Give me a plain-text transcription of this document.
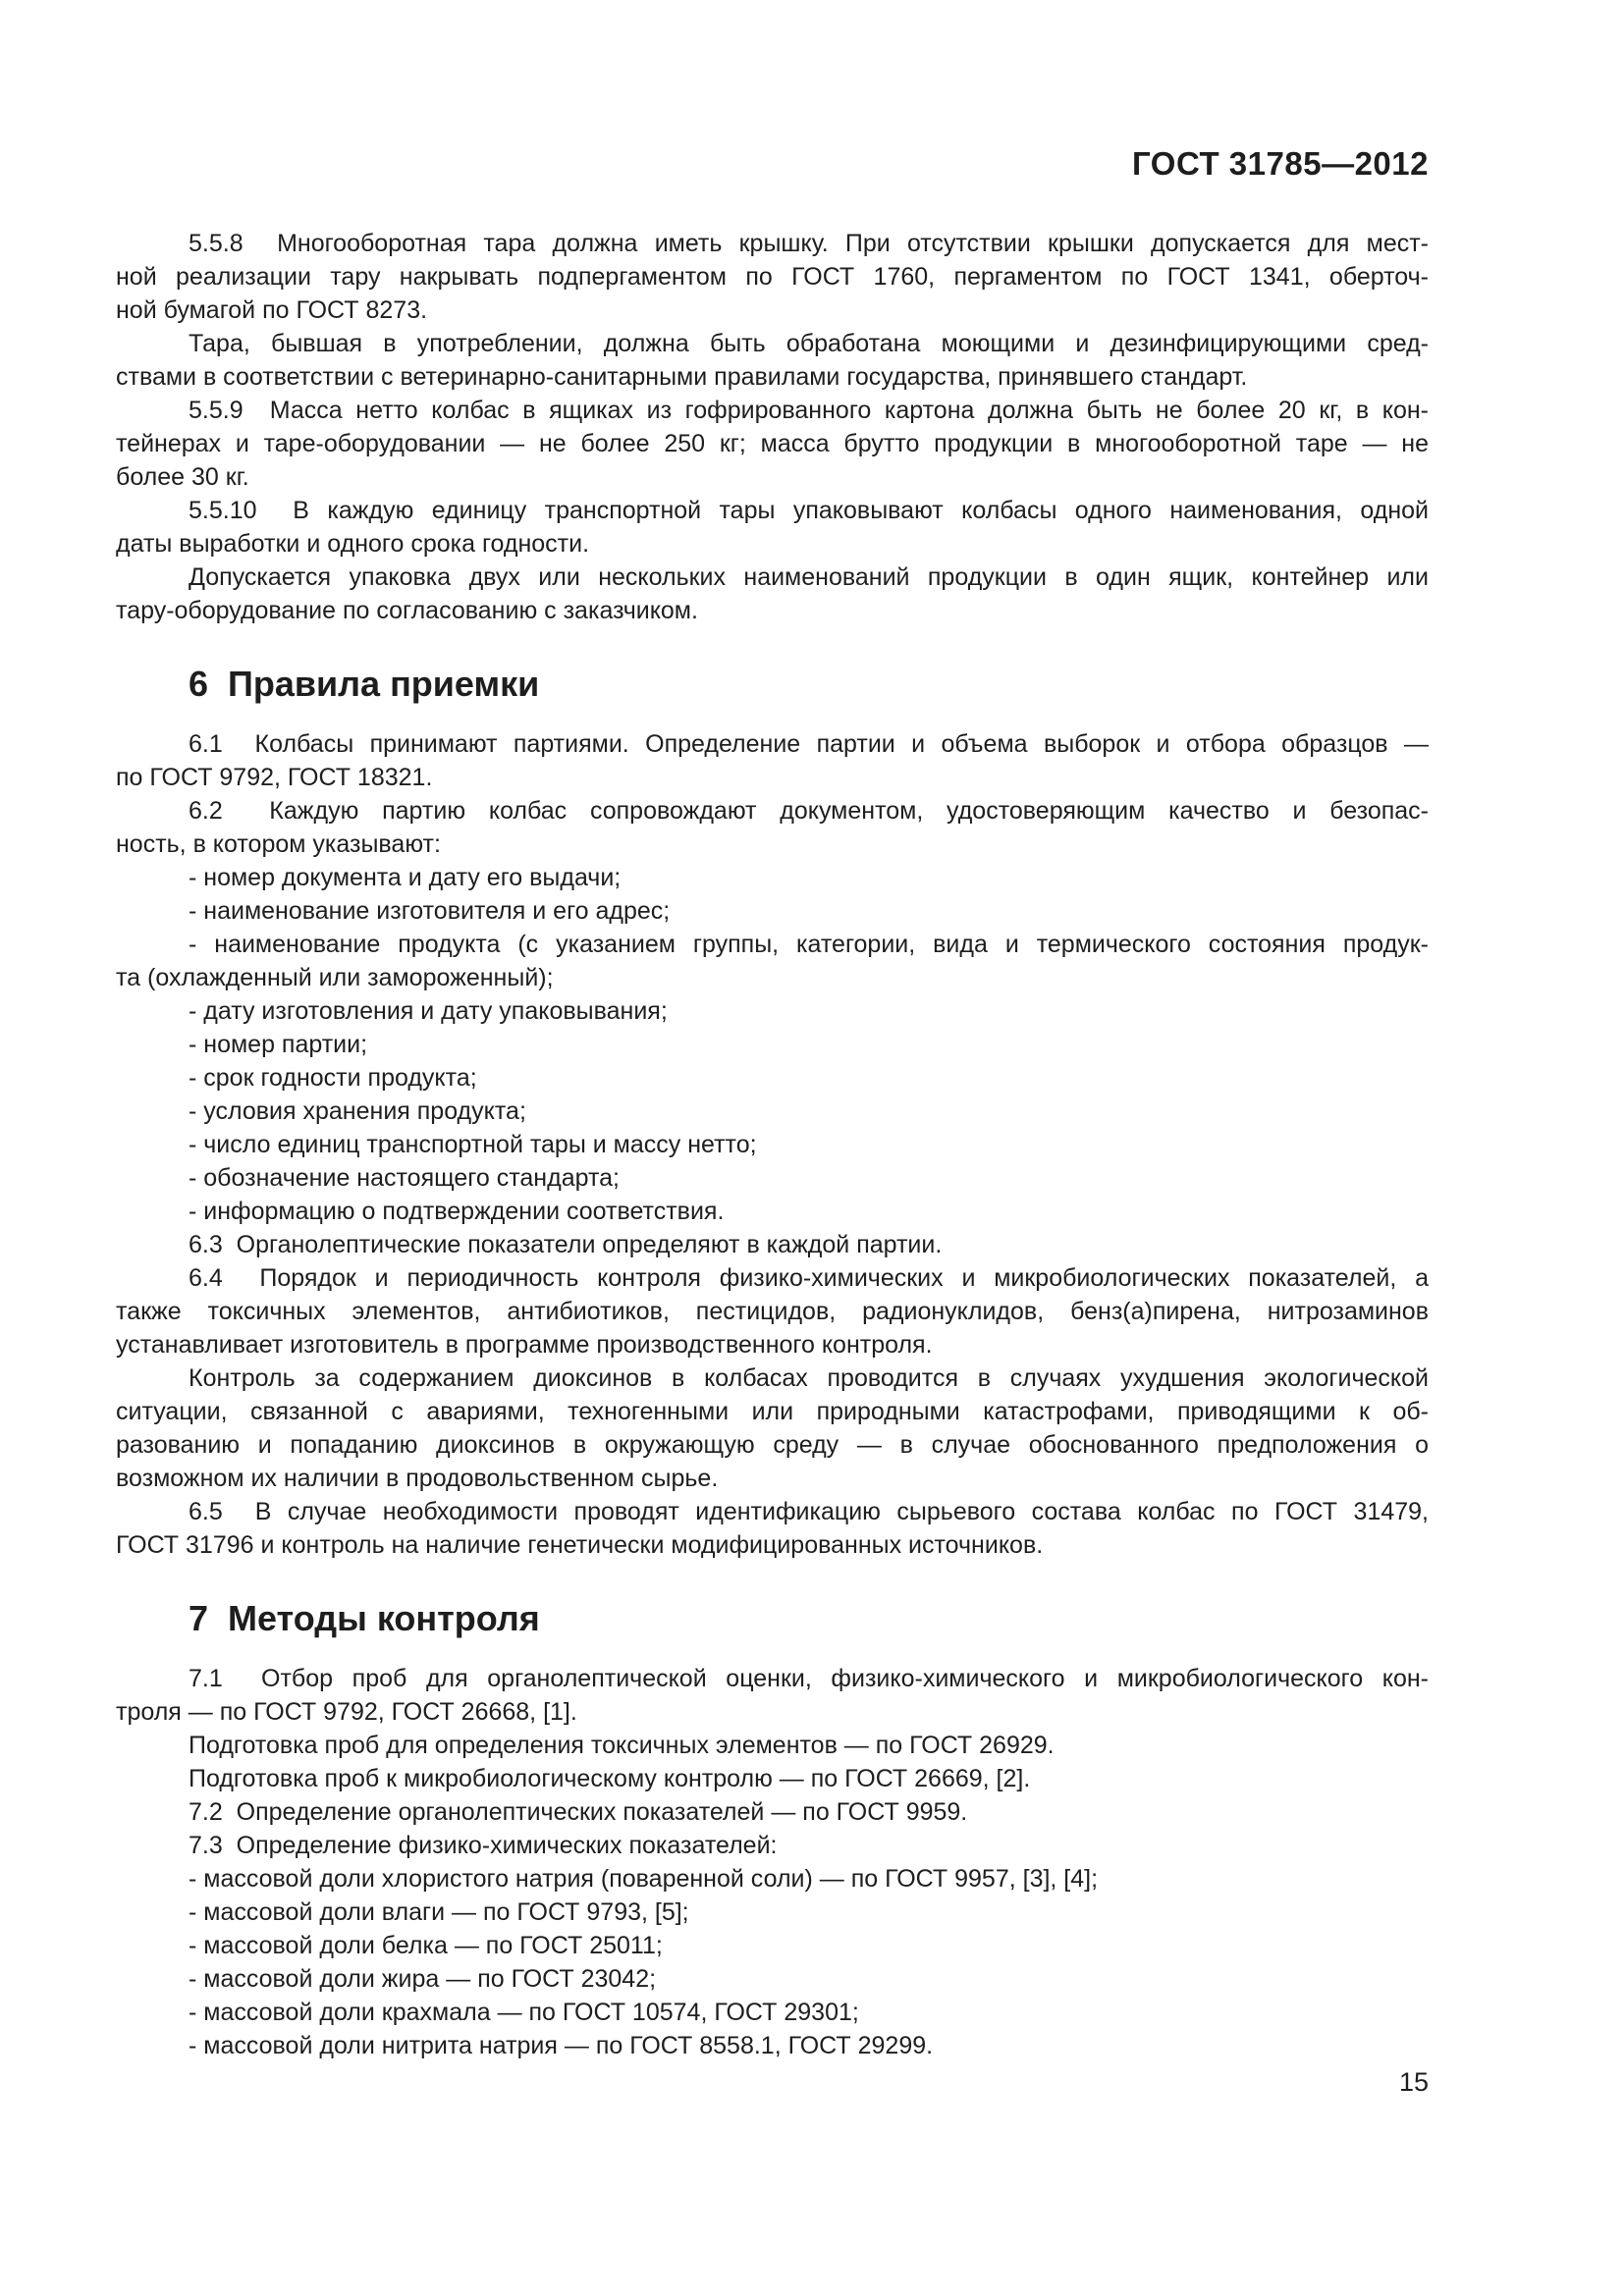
ГОСТ 31785—2012
5.5.8  Многооборотная тара должна иметь крышку. При отсутствии крышки допускается для мест-
ной реализации тару накрывать подпергаментом по ГОСТ 1760, пергаментом по ГОСТ 1341, оберточ-
ной бумагой по ГОСТ 8273.
Тара, бывшая в употреблении, должна быть обработана моющими и дезинфицирующими сред-
ствами в соответствии с ветеринарно-санитарными правилами государства, принявшего стандарт.
5.5.9  Масса нетто колбас в ящиках из гофрированного картона должна быть не более 20 кг, в кон-
тейнерах и таре-оборудовании — не более 250 кг; масса брутто продукции в многооборотной таре — не
более 30 кг.
5.5.10  В каждую единицу транспортной тары упаковывают колбасы одного наименования, одной
даты выработки и одного срока годности.
Допускается упаковка двух или нескольких наименований продукции в один ящик, контейнер или
тару-оборудование по согласованию с заказчиком.
6  Правила приемки
6.1  Колбасы принимают партиями. Определение партии и объема выборок и отбора образцов —
по ГОСТ 9792, ГОСТ 18321.
6.2  Каждую партию колбас сопровождают документом, удостоверяющим качество и безопас-
ность, в котором указывают:
- номер документа и дату его выдачи;
- наименование изготовителя и его адрес;
- наименование продукта (с указанием группы, категории, вида и термического состояния продук-
та (охлажденный или замороженный);
- дату изготовления и дату упаковывания;
- номер партии;
- срок годности продукта;
- условия хранения продукта;
- число единиц транспортной тары и массу нетто;
- обозначение настоящего стандарта;
- информацию о подтверждении соответствия.
6.3  Органолептические показатели определяют в каждой партии.
6.4  Порядок и периодичность контроля физико-химических и микробиологических показателей, а
также токсичных элементов, антибиотиков, пестицидов, радионуклидов, бенз(а)пирена, нитрозаминов
устанавливает изготовитель в программе производственного контроля.
Контроль за содержанием диоксинов в колбасах проводится в случаях ухудшения экологической
ситуации, связанной с авариями, техногенными или природными катастрофами, приводящими к об-
разованию и попаданию диоксинов в окружающую среду — в случае обоснованного предположения о
возможном их наличии в продовольственном сырье.
6.5  В случае необходимости проводят идентификацию сырьевого состава колбас по ГОСТ 31479,
ГОСТ 31796 и контроль на наличие генетически модифицированных источников.
7  Методы контроля
7.1  Отбор проб для органолептической оценки, физико-химического и микробиологического кон-
троля — по ГОСТ 9792, ГОСТ 26668, [1].
Подготовка проб для определения токсичных элементов — по ГОСТ 26929.
Подготовка проб к микробиологическому контролю — по ГОСТ 26669, [2].
7.2  Определение органолептических показателей — по ГОСТ 9959.
7.3  Определение физико-химических показателей:
- массовой доли хлористого натрия (поваренной соли) — по ГОСТ 9957, [3], [4];
- массовой доли влаги — по ГОСТ 9793, [5];
- массовой доли белка — по ГОСТ 25011;
- массовой доли жира — по ГОСТ 23042;
- массовой доли крахмала — по ГОСТ 10574, ГОСТ 29301;
- массовой доли нитрита натрия — по ГОСТ 8558.1, ГОСТ 29299.
15
